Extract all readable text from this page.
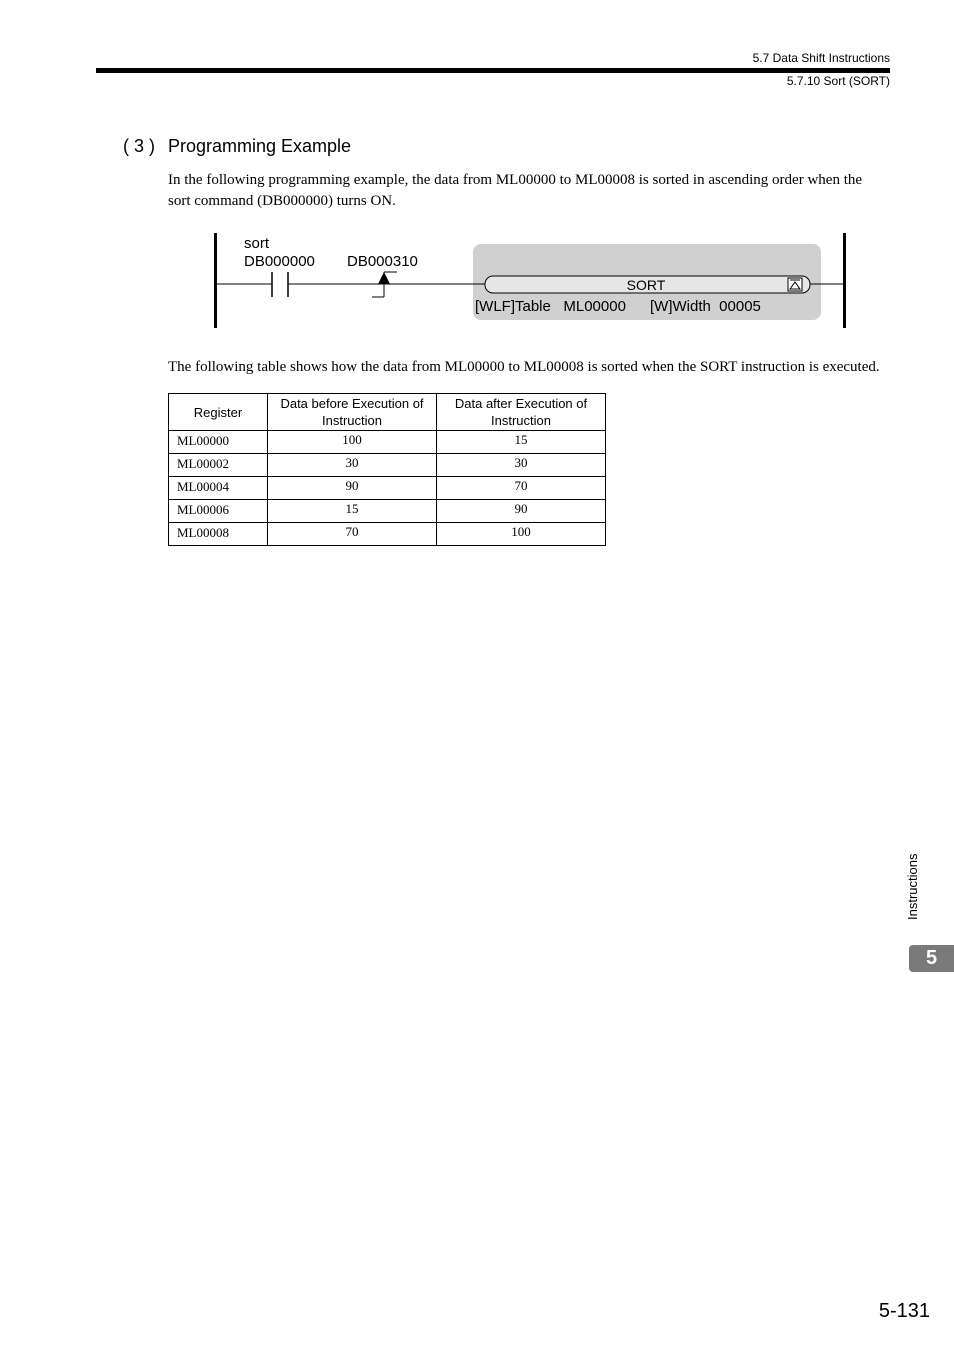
5.7 Data Shift Instructions
5.7.10 Sort (SORT)
( 3 ) Programming Example
In the following programming example, the data from ML00000 to ML00008 is sorted in ascending order when the sort command (DB000000) turns ON.
sort
DB000000 DB000310
SORT
[WLF]Table   ML00000 [W]Width  00005
The following table shows how the data from ML00000 to ML00008 is sorted when the SORT instruction is executed.
Register	Data before Execution of Instruction	Data after Execution of Instruction
ML00000	100	15
ML00002	30	30
ML00004	90	70
ML00006	15	90
ML00008	70	100
Instructions
5
5-131
